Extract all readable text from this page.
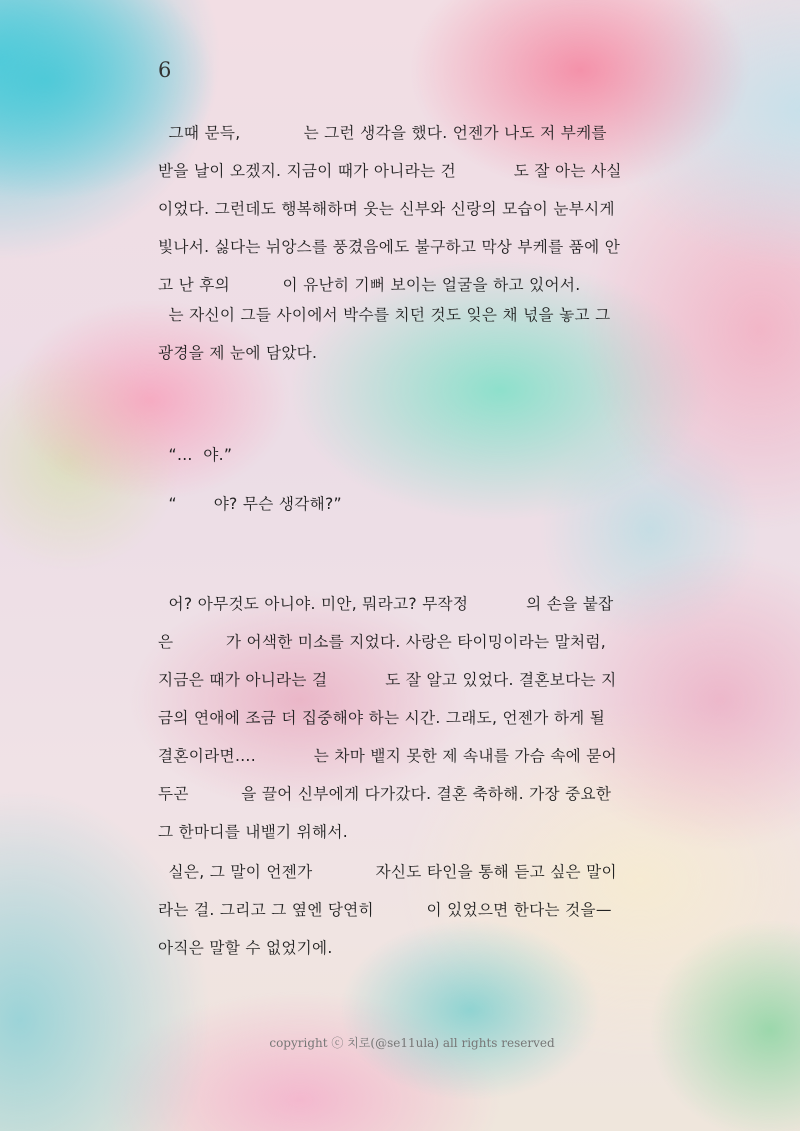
6

그때 문득,            는 그런 생각을 했다. 언젠가 나도 저 부케를
받을 날이 오겠지. 지금이 때가 아니라는 건           도 잘 아는 사실
이었다. 그런데도 행복해하며 웃는 신부와 신랑의 모습이 눈부시게
빛나서. 싫다는 뉘앙스를 풍겼음에도 불구하고 막상 부케를 품에 안
고 난 후의          이 유난히 기뻐 보이는 얼굴을 하고 있어서.

는 자신이 그들 사이에서 박수를 치던 것도 잊은 채 넋을 놓고 그
광경을 제 눈에 담았다.

“…  야.”

“       야? 무슨 생각해?”

어? 아무것도 아니야. 미안, 뭐라고? 무작정           의 손을 붙잡
은          가 어색한 미소를 지었다. 사랑은 타이밍이라는 말처럼,
지금은 때가 아니라는 걸           도 잘 알고 있었다. 결혼보다는 지
금의 연애에 조금 더 집중해야 하는 시간. 그래도, 언젠가 하게 될
결혼이라면….           는 차마 뱉지 못한 제 속내를 가슴 속에 묻어
두곤          을 끌어 신부에게 다가갔다. 결혼 축하해. 가장 중요한
그 한마디를 내뱉기 위해서.

실은, 그 말이 언젠가            자신도 타인을 통해 듣고 싶은 말이
라는 걸. 그리고 그 옆엔 당연히          이 있었으면 한다는 것을—
아직은 말할 수 없었기에.

copyright ⓒ 치로(@se11ula) all rights reserved
